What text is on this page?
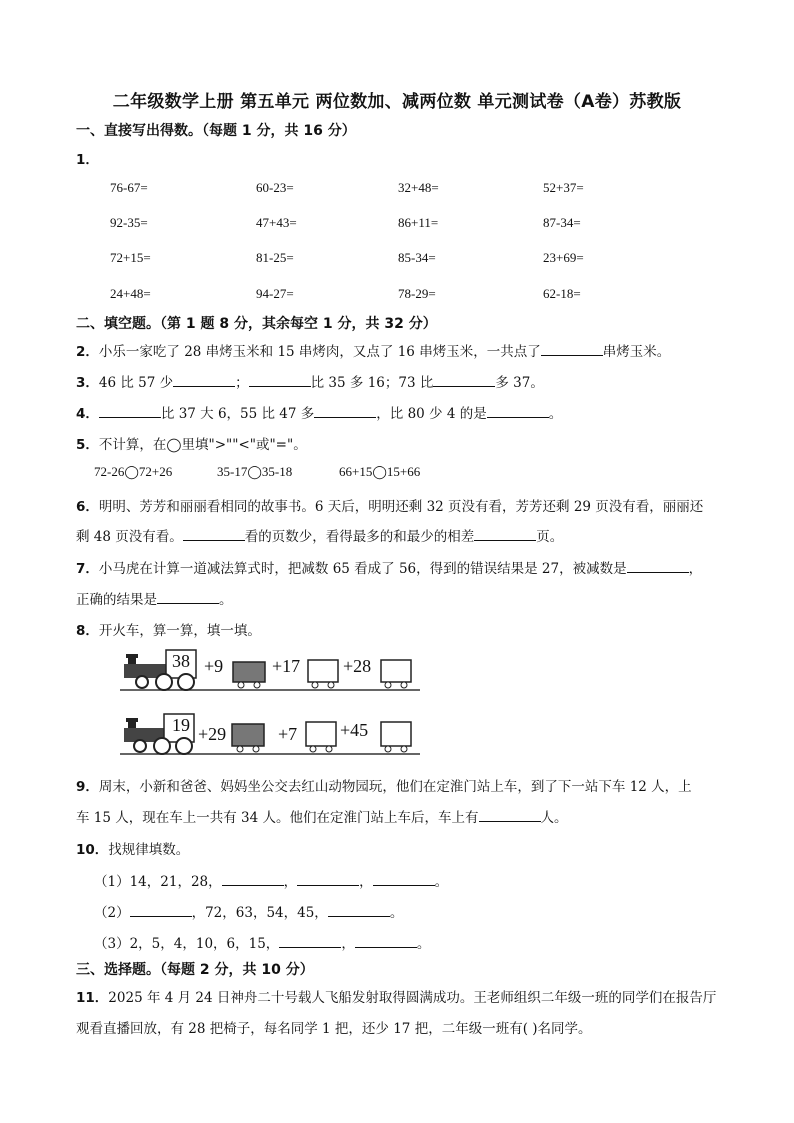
二年级数学上册 第五单元 两位数加、减两位数 单元测试卷（A卷）苏教版
一、直接写出得数。（每题 1 分，共 16 分）
1．
76-67=	60-23=	32+48=	52+37=
92-35=	47+43=	86+11=	87-34=
72+15=	81-25=	85-34=	23+69=
24+48=	94-27=	78-29=	62-18=
二、填空题。（第 1 题 8 分，其余每空 1 分，共 32 分）
2．小乐一家吃了 28 串烤玉米和 15 串烤肉，又点了 16 串烤玉米，一共点了	串烤玉米。
3．46 比 57 少	；	比 35 多 16；73 比	多 37。
4．	比 37 大 6，55 比 47 多	，比 80 少 4 的是	。
5．不计算，在◯里填">""<"或"="。
72-26◯72+26	35-17◯35-18	66+15◯15+66
6．明明、芳芳和丽丽看相同的故事书。6 天后，明明还剩 32 页没有看，芳芳还剩 29 页没有看，丽丽还
剩 48 页没有看。	看的页数少，看得最多的和最少的相差	页。
7．小马虎在计算一道减法算式时，把减数 65 看成了 56，得到的错误结果是 27，被减数是	，
正确的结果是	。
8．开火车，算一算，填一填。
38 +9	+17 +28
19 +29	+7 +45
9．周末，小新和爸爸、妈妈坐公交去红山动物园玩，他们在定淮门站上车，到了下一站下车 12 人，上
车 15 人，现在车上一共有 34 人。他们在定淮门站上车后，车上有	人。
10．找规律填数。
（1）14，21，28，	，	，	。
（2）	，72，63，54，45，	。
（3）2，5，4，10，6，15，	，	。
三、选择题。（每题 2 分，共 10 分）
11．2025 年 4 月 24 日神舟二十号载人飞船发射取得圆满成功。王老师组织二年级一班的同学们在报告厅
观看直播回放，有 28 把椅子，每名同学 1 把，还少 17 把，二年级一班有( )名同学。
